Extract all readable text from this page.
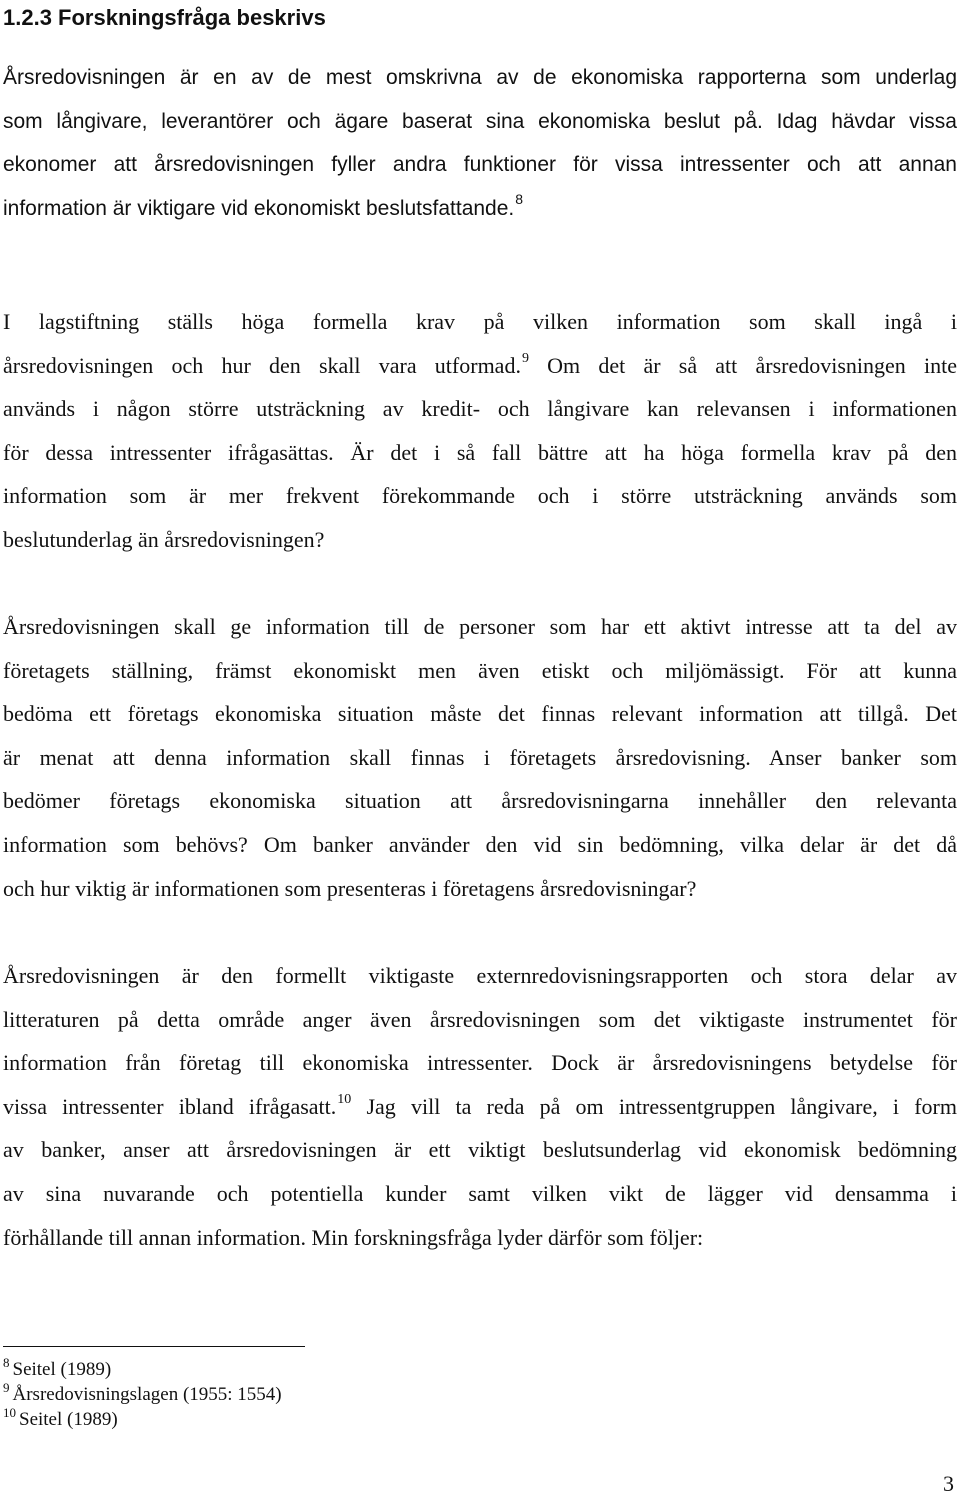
1.2.3 Forskningsfråga beskrivs

Årsredovisningen är en av de mest omskrivna av de ekonomiska rapporterna som underlag
som långivare, leverantörer och ägare baserat sina ekonomiska beslut på. Idag hävdar vissa
ekonomer att årsredovisningen fyller andra funktioner för vissa intressenter och att annan
information är viktigare vid ekonomiskt beslutsfattande.$^8$

I lagstiftning ställs höga formella krav på vilken information som skall ingå i
årsredovisningen och hur den skall vara utformad.$^9$ Om det är så att årsredovisningen inte
används i någon större utsträckning av kredit- och långivare kan relevansen i informationen
för dessa intressenter ifrågasättas. Är det i så fall bättre att ha höga formella krav på den
information som är mer frekvent förekommande och i större utsträckning används som
beslutunderlag än årsredovisningen?

Årsredovisningen skall ge information till de personer som har ett aktivt intresse att ta del av
företagets ställning, främst ekonomiskt men även etiskt och miljömässigt. För att kunna
bedöma ett företags ekonomiska situation måste det finnas relevant information att tillgå. Det
är menat att denna information skall finnas i företagets årsredovisning. Anser banker som
bedömer företags ekonomiska situation att årsredovisningarna innehåller den relevanta
information som behövs? Om banker använder den vid sin bedömning, vilka delar är det då
och hur viktig är informationen som presenteras i företagens årsredovisningar?

Årsredovisningen är den formellt viktigaste externredovisningsrapporten och stora delar av
litteraturen på detta område anger även årsredovisningen som det viktigaste instrumentet för
information från företag till ekonomiska intressenter. Dock är årsredovisningens betydelse för
vissa intressenter ibland ifrågasatt.$^{10}$ Jag vill ta reda på om intressentgruppen långivare, i form
av banker, anser att årsredovisningen är ett viktigt beslutsunderlag vid ekonomisk bedömning
av sina nuvarande och potentiella kunder samt vilken vikt de lägger vid densamma i
förhållande till annan information. Min forskningsfråga lyder därför som följer:

$^8$ Seitel (1989)
$^9$ Årsredovisningslagen (1955: 1554)
$^{10}$ Seitel (1989)
3
